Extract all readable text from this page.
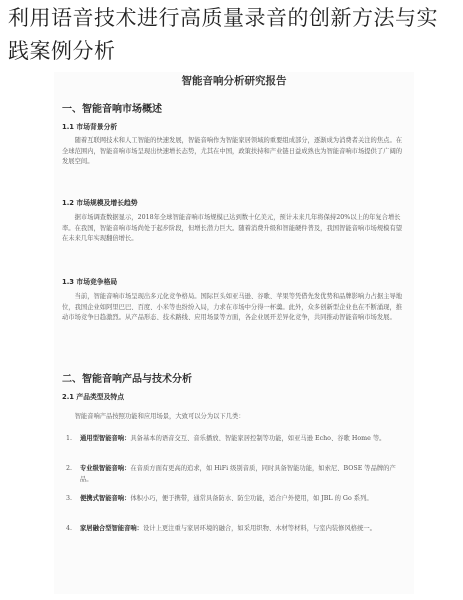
利用语音技术进行高质量录音的创新方法与实践案例分析
智能音响分析研究报告
一、智能音响市场概述
1.1 市场背景分析

随着互联网技术和人工智能的快速发展，智能音响作为智能家居领域的重要组成部分，逐渐成为消费者关注的焦点。在全球范围内，智能音响市场呈现出快速增长态势，尤其在中国，政策扶持和产业链日益成熟也为智能音响市场提供了广阔的发展空间。

1.2 市场规模及增长趋势

据市场调查数据显示，2018年全球智能音响市场规模已达到数十亿美元，预计未来几年将保持20%以上的年复合增长率。在我国，智能音响市场尚处于起步阶段，但增长潜力巨大。随着消费升级和智能硬件普及，我国智能音响市场规模有望在未来几年实现翻倍增长。

1.3 市场竞争格局

当前，智能音响市场呈现出多元化竞争格局。国际巨头如亚马逊、谷歌、苹果等凭借先发优势和品牌影响力占据主导地位，我国企业如阿里巴巴、百度、小米等也纷纷入局，力求在市场中分得一杯羹。此外，众多创新型企业也在不断涌现，推动市场竞争日趋激烈。从产品形态、技术路线、应用场景等方面，各企业展开差异化竞争，共同推动智能音响市场发展。

二、智能音响产品与技术分析
2.1 产品类型及特点

智能音响产品按照功能和应用场景，大致可以分为以下几类：

1. 通用型智能音响：具备基本的语音交互、音乐播放、智能家居控制等功能，如亚马逊 Echo、谷歌 Home 等。
2. 专业级智能音响：在音质方面有更高的追求，如 HiFi 级别音质，同时具备智能功能，如索尼、BOSE 等品牌的产品。
3. 便携式智能音响：体积小巧，便于携带，通常具备防水、防尘功能，适合户外使用，如 JBL 的 Go 系列。
4. 家居融合型智能音响：设计上更注重与家居环境的融合，如采用织物、木材等材料，与室内装修风格统一。
